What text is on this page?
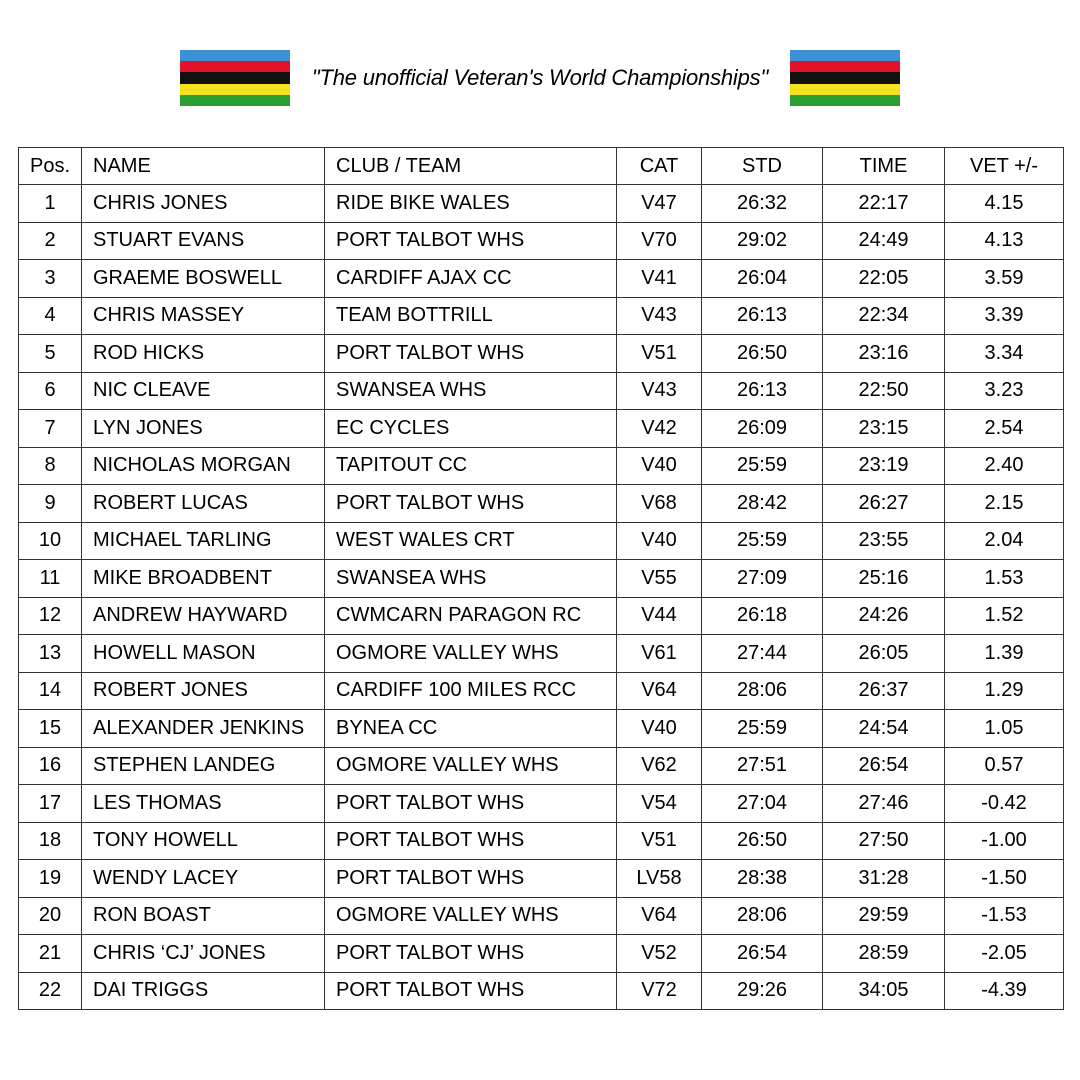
"The unofficial Veteran's World Championships"
Pos.	NAME	CLUB / TEAM	CAT	STD	TIME	VET +/-
1	CHRIS JONES	RIDE BIKE WALES	V47	26:32	22:17	4.15
2	STUART EVANS	PORT TALBOT WHS	V70	29:02	24:49	4.13
3	GRAEME BOSWELL	CARDIFF AJAX CC	V41	26:04	22:05	3.59
4	CHRIS MASSEY	TEAM BOTTRILL	V43	26:13	22:34	3.39
5	ROD HICKS	PORT TALBOT WHS	V51	26:50	23:16	3.34
6	NIC CLEAVE	SWANSEA WHS	V43	26:13	22:50	3.23
7	LYN JONES	EC CYCLES	V42	26:09	23:15	2.54
8	NICHOLAS MORGAN	TAPITOUT CC	V40	25:59	23:19	2.40
9	ROBERT LUCAS	PORT TALBOT WHS	V68	28:42	26:27	2.15
10	MICHAEL TARLING	WEST WALES CRT	V40	25:59	23:55	2.04
11	MIKE BROADBENT	SWANSEA WHS	V55	27:09	25:16	1.53
12	ANDREW HAYWARD	CWMCARN PARAGON RC	V44	26:18	24:26	1.52
13	HOWELL MASON	OGMORE VALLEY WHS	V61	27:44	26:05	1.39
14	ROBERT JONES	CARDIFF 100 MILES RCC	V64	28:06	26:37	1.29
15	ALEXANDER JENKINS	BYNEA CC	V40	25:59	24:54	1.05
16	STEPHEN LANDEG	OGMORE VALLEY WHS	V62	27:51	26:54	0.57
17	LES THOMAS	PORT TALBOT WHS	V54	27:04	27:46	-0.42
18	TONY HOWELL	PORT TALBOT WHS	V51	26:50	27:50	-1.00
19	WENDY LACEY	PORT TALBOT WHS	LV58	28:38	31:28	-1.50
20	RON BOAST	OGMORE VALLEY WHS	V64	28:06	29:59	-1.53
21	CHRIS ‘CJ’ JONES	PORT TALBOT WHS	V52	26:54	28:59	-2.05
22	DAI TRIGGS	PORT TALBOT WHS	V72	29:26	34:05	-4.39
